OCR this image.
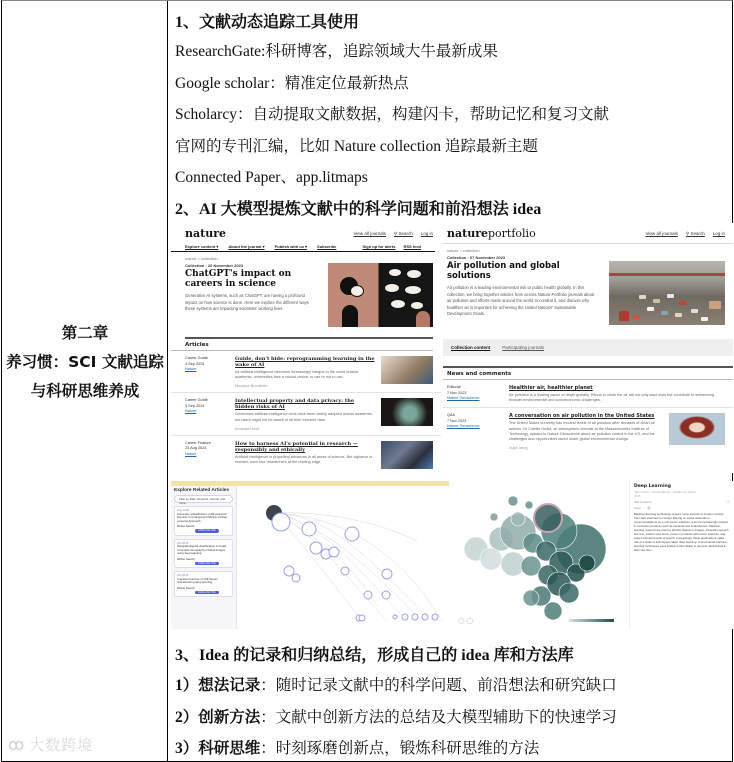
第二章
养习惯：SCI 文献追踪
与科研思维养成
ꝏ 大数跨境
1、文献动态追踪工具使用
ResearchGate:科研博客，追踪领域大牛最新成果
Google scholar：精准定位最新热点
Scholarcy：自动提取文献数据，构建闪卡，帮助记忆和复习文献
官网的专刊汇编，比如 Nature collection 追踪最新主题
Connected Paper、app.litmaps
2、AI 大模型提炼文献中的科学问题和前沿想法 idea
nature	View all journals ⚲ Search Log in
Explore content ▾	About the journal ▾	Publish with us ▾	Subscribe	Sign up for alerts RSS feed
nature > collection
Collection · 20 November 2023
ChatGPT's impact on careers in science
Generative AI systems, such as ChatGPT, are having a profound impact on how science is done. Here we explore the different ways these systems are impacting scientists' working lives.
Articles
Career Guide
4 Sep 2024
Nature
Guide, don't hide: reprogramming learning in the wake of AI
As artificial intelligence becomes increasingly integral to the world outside academia, universities face a crucial choice: to use or not to use.
Monique Brouillette
Career Guide
4 Sep 2024
Nature
Intellectual property and data privacy: the hidden risks of AI
Generative artificial intelligence tools have been widely adopted across academia, but users might not be aware of all their inherent risks.
Amanda Heidt
Career Feature
23 Aug 2024
Nature
How to harness AI's potential in research — responsibly and ethically
Artificial intelligence is propelling advances in all areas of science. But vigilance is needed, warn four researchers at the leading edge.
natureportfolio	View all journals ⚲ Search Log in
nature > collection
Collection · 07 November 2023
Air pollution and global solutions
Air pollution is a leading environmental risk to public health globally. In this collection, we bring together articles from across Nature Portfolio journals about air pollution and efforts made around the world to combat it, and discuss why healthier air is important for achieving the United Nations' Sustainable Development Goals.
Collection content	Participating journals
News and comments
Editorial
7 Nov 2023
Nature Geoscience
Healthier air, healthier planet
Air pollution is a leading cause of death globally. Efforts to clean the air will not only save lives but contribute to addressing broader environmental and socioeconomic challenges.
Q&A
7 Nov 2023
Nature Geoscience
A conversation on air pollution in the United States
The United States currently has modest levels of air pollution after decades of clean air actions. Dr Colette Heald, an atmospheric chemist at the Massachusetts Institute of Technology, speaks to Nature Geoscience about air pollution control in the US, and the challenges and opportunities faced under global environmental change.
Xujia Jiang
Explore Related Articles
Filter by Date, Keyword, Journal, and more...
Aug 2020
Automatic Classification of Microseismic Records in Underground Mining: A Deep Learning Approach
Refine SearchFollow this Title
Oct 2019
Histopathological classification in breast computed tomography medical images using deep learning
Refine SearchFollow this Title
Oct 2016
Cognitive features of CNN layers characterizing deep learning
Refine SearchFollow this Title
Deep Learning
Yann LeCun, Yoshua Bengio, Geoffrey E. Hinton
2015
Add to Zotero	☐
Open ⛓
Machine-learning technology powers many aspects of modern society: from web searches to content filtering on social networks to recommendations on e-commerce websites, and it is increasingly present in consumer products such as cameras and smartphones. Machine-learning systems are used to identify objects in images, transcribe speech into text, match news items, posts or products with users' interests, and select relevant results of search. Increasingly, these applications make use of a class of techniques called deep learning. Conventional machine-learning techniques were limited in their ability to process natural data in their raw form...
3、Idea 的记录和归纳总结，形成自己的 idea 库和方法库
1）想法记录：随时记录文献中的科学问题、前沿想法和研究缺口
2）创新方法：文献中创新方法的总结及大模型辅助下的快速学习
3）科研思维：时刻琢磨创新点，锻炼科研思维的方法
